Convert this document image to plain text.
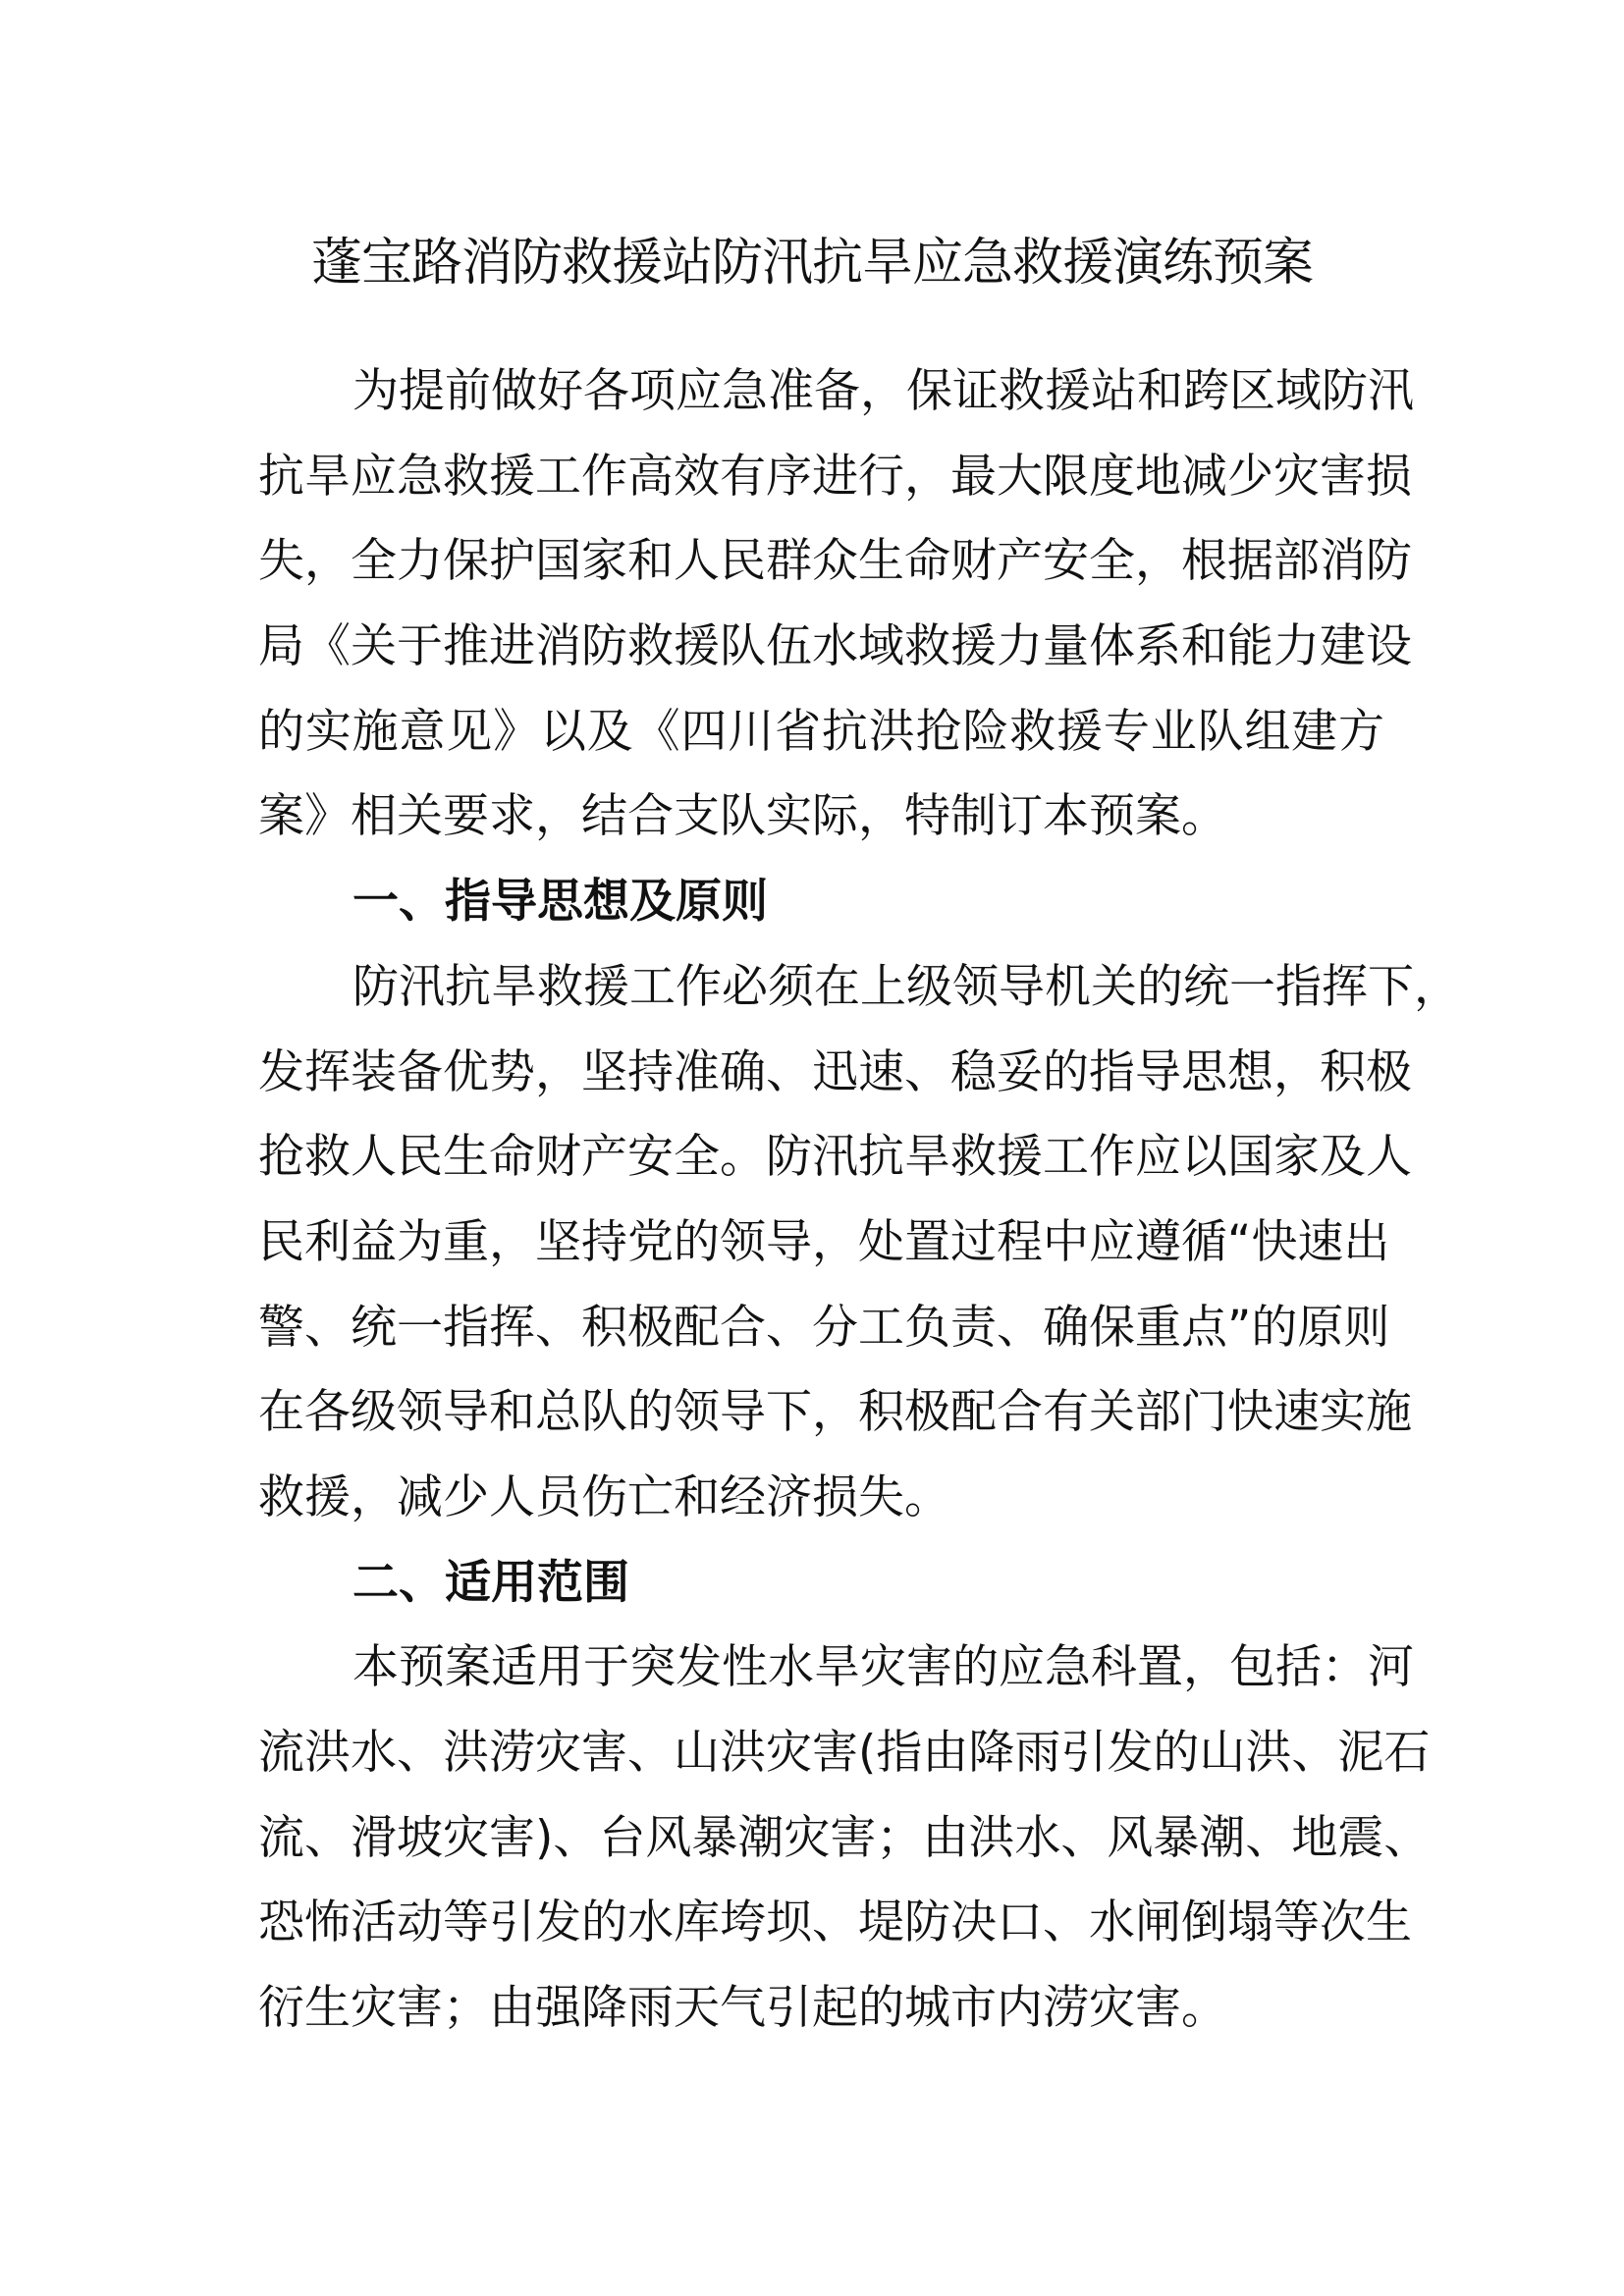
蓬宝路消防救援站防汛抗旱应急救援演练预案
为提前做好各项应急准备，保证救援站和跨区域防汛
抗旱应急救援工作高效有序进行，最大限度地减少灾害损
失，全力保护国家和人民群众生命财产安全，根据部消防
局《关于推进消防救援队伍水域救援力量体系和能力建设
的实施意见》以及《四川省抗洪抢险救援专业队组建方
案》相关要求，结合支队实际，特制订本预案。
一、指导思想及原则
防汛抗旱救援工作必须在上级领导机关的统一指挥下，
发挥装备优势，坚持准确、迅速、稳妥的指导思想，积极
抢救人民生命财产安全。防汛抗旱救援工作应以国家及人
民利益为重，坚持党的领导，处置过程中应遵循“快速出
警、统一指挥、积极配合、分工负责、确保重点”的原则
在各级领导和总队的领导下，积极配合有关部门快速实施
救援，减少人员伤亡和经济损失。
二、适用范围
本预案适用于突发性水旱灾害的应急科置，包括：河
流洪水、洪涝灾害、山洪灾害(指由降雨引发的山洪、泥石
流、滑坡灾害)、台风暴潮灾害；由洪水、风暴潮、地震、
恐怖活动等引发的水库垮坝、堤防决口、水闸倒塌等次生
衍生灾害；由强降雨天气引起的城市内涝灾害。
